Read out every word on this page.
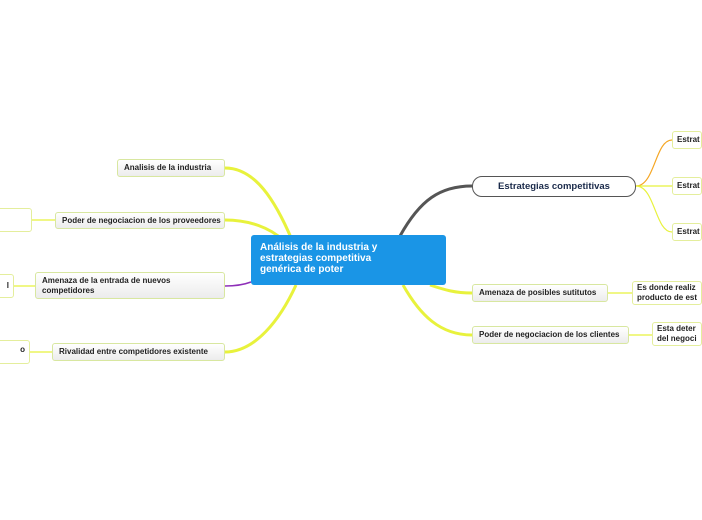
Análisis de la industria y
estrategias competitiva
genérica de poter
Analisis de la industria
Poder de negociacion de los proveedores
Amenaza de la entrada de nuevos
competidores
Rivalidad entre competidores existente
l
o
Estrategias competitivas
Estrat
Estrat
Estrat
Amenaza de posibles sutitutos
Poder de negociacion de los clientes
Es donde realiz
producto de est
Esta deter
del negoci
